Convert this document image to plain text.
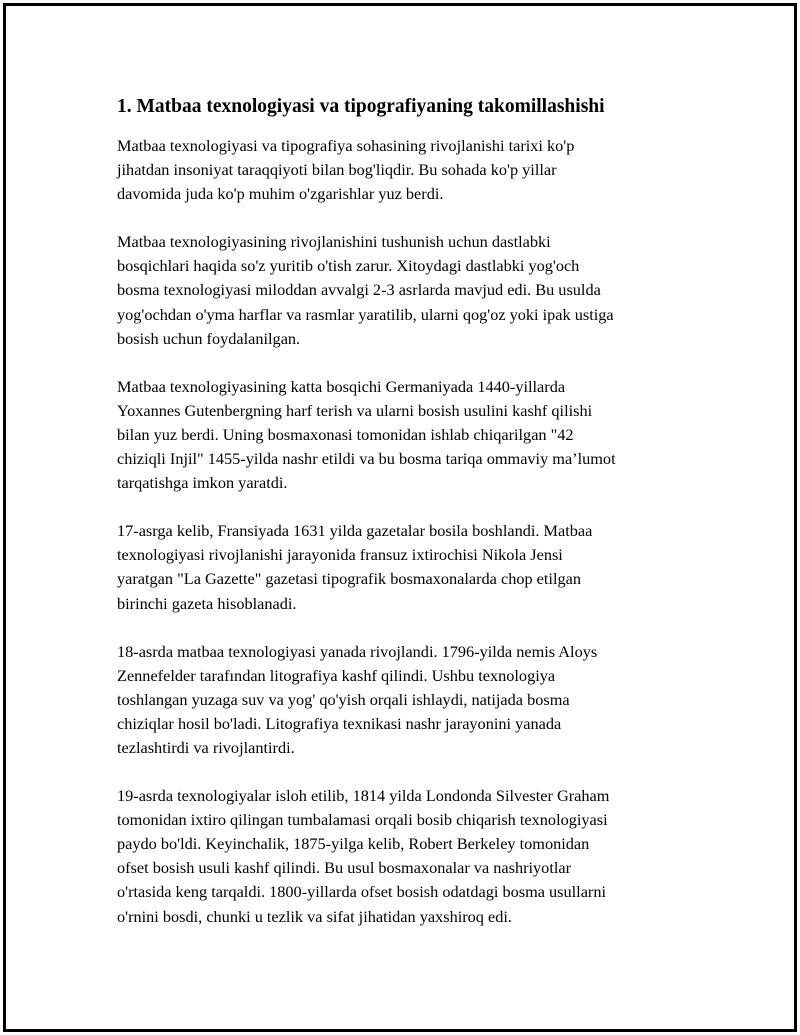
1. Matbaa texnologiyasi va tipografiyaning takomillashishi

Matbaa texnologiyasi va tipografiya sohasining rivojlanishi tarixi ko'p
jihatdan insoniyat taraqqiyoti bilan bog'liqdir. Bu sohada ko'p yillar
davomida juda ko'p muhim o'zgarishlar yuz berdi.

Matbaa texnologiyasining rivojlanishini tushunish uchun dastlabki
bosqichlari haqida so'z yuritib o'tish zarur. Xitoydagi dastlabki yog'och
bosma texnologiyasi miloddan avvalgi 2-3 asrlarda mavjud edi. Bu usulda
yog'ochdan o'yma harflar va rasmlar yaratilib, ularni qog'oz yoki ipak ustiga
bosish uchun foydalanilgan.

Matbaa texnologiyasining katta bosqichi Germaniyada 1440-yillarda
Yoxannes Gutenbergning harf terish va ularni bosish usulini kashf qilishi
bilan yuz berdi. Uning bosmaxonasi tomonidan ishlab chiqarilgan "42
chiziqli Injil" 1455-yilda nashr etildi va bu bosma tariqa ommaviy ma’lumot
tarqatishga imkon yaratdi.

17-asrga kelib, Fransiyada 1631 yilda gazetalar bosila boshlandi. Matbaa
texnologiyasi rivojlanishi jarayonida fransuz ixtirochisi Nikola Jensi
yaratgan "La Gazette" gazetasi tipografik bosmaxonalarda chop etilgan
birinchi gazeta hisoblanadi.

18-asrda matbaa texnologiyasi yanada rivojlandi. 1796-yilda nemis Aloys
Zennefelder tarafından litografiya kashf qilindi. Ushbu texnologiya
toshlangan yuzaga suv va yog' qo'yish orqali ishlaydi, natijada bosma
chiziqlar hosil bo'ladi. Litografiya texnikasi nashr jarayonini yanada
tezlashtirdi va rivojlantirdi.

19-asrda texnologiyalar isloh etilib, 1814 yilda Londonda Silvester Graham
tomonidan ixtiro qilingan tumbalamasi orqali bosib chiqarish texnologiyasi
paydo bo'ldi. Keyinchalik, 1875-yilga kelib, Robert Berkeley tomonidan
ofset bosish usuli kashf qilindi. Bu usul bosmaxonalar va nashriyotlar
o'rtasida keng tarqaldi. 1800-yillarda ofset bosish odatdagi bosma usullarni
o'rnini bosdi, chunki u tezlik va sifat jihatidan yaxshiroq edi.
